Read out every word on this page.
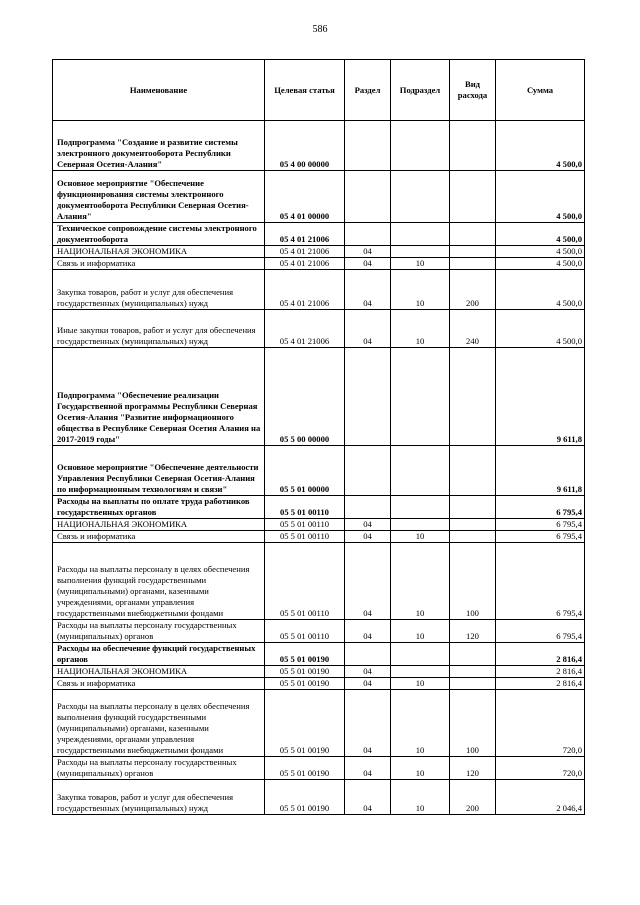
586
Наименование	Целевая статья	Раздел	Подраздел	Вид расхода	Сумма
Подпрограмма "Создание и развитие системы электронного документооборота Республики Северная Осетия-Алания"	05 4 00 00000				4 500,0
Основное мероприятие "Обеспечение функционирования системы электронного документооборота Республики Северная Осетия-Алания"	05 4 01 00000				4 500,0
Техническое сопровождение системы электронного документооборота	05 4 01 21006				4 500,0
НАЦИОНАЛЬНАЯ ЭКОНОМИКА	05 4 01 21006	04			4 500,0
Связь и информатика	05 4 01 21006	04	10		4 500,0
Закупка товаров, работ и услуг для обеспечения государственных (муниципальных) нужд	05 4 01 21006	04	10	200	4 500,0
Иные закупки товаров, работ и услуг для обеспечения государственных (муниципальных) нужд	05 4 01 21006	04	10	240	4 500,0
Подпрограмма "Обеспечение реализации Государственной программы Республики Северная Осетия-Алания "Развитие информационного общества в Республике Северная Осетия Алания на 2017-2019 годы"	05 5 00 00000				9 611,8
Основное мероприятие "Обеспечение деятельности Управления Республики Северная Осетия-Алания по информационным технологиям и связи"	05 5 01 00000				9 611,8
Расходы на выплаты по оплате труда работников государственных органов	05 5 01 00110				6 795,4
НАЦИОНАЛЬНАЯ ЭКОНОМИКА	05 5 01 00110	04			6 795,4
Связь и информатика	05 5 01 00110	04	10		6 795,4
Расходы на выплаты персоналу в целях обеспечения выполнения функций государственными (муниципальными) органами, казенными учреждениями, органами управления государственными внебюджетными фондами	05 5 01 00110	04	10	100	6 795,4
Расходы на выплаты персоналу государственных (муниципальных) органов	05 5 01 00110	04	10	120	6 795,4
Расходы на обеспечение функций государственных органов	05 5 01 00190				2 816,4
НАЦИОНАЛЬНАЯ ЭКОНОМИКА	05 5 01 00190	04			2 816,4
Связь и информатика	05 5 01 00190	04	10		2 816,4
Расходы на выплаты персоналу в целях обеспечения выполнения функций государственными (муниципальными) органами, казенными учреждениями, органами управления государственными внебюджетными фондами	05 5 01 00190	04	10	100	720,0
Расходы на выплаты персоналу государственных (муниципальных) органов	05 5 01 00190	04	10	120	720,0
Закупка товаров, работ и услуг для обеспечения государственных (муниципальных) нужд	05 5 01 00190	04	10	200	2 046,4
